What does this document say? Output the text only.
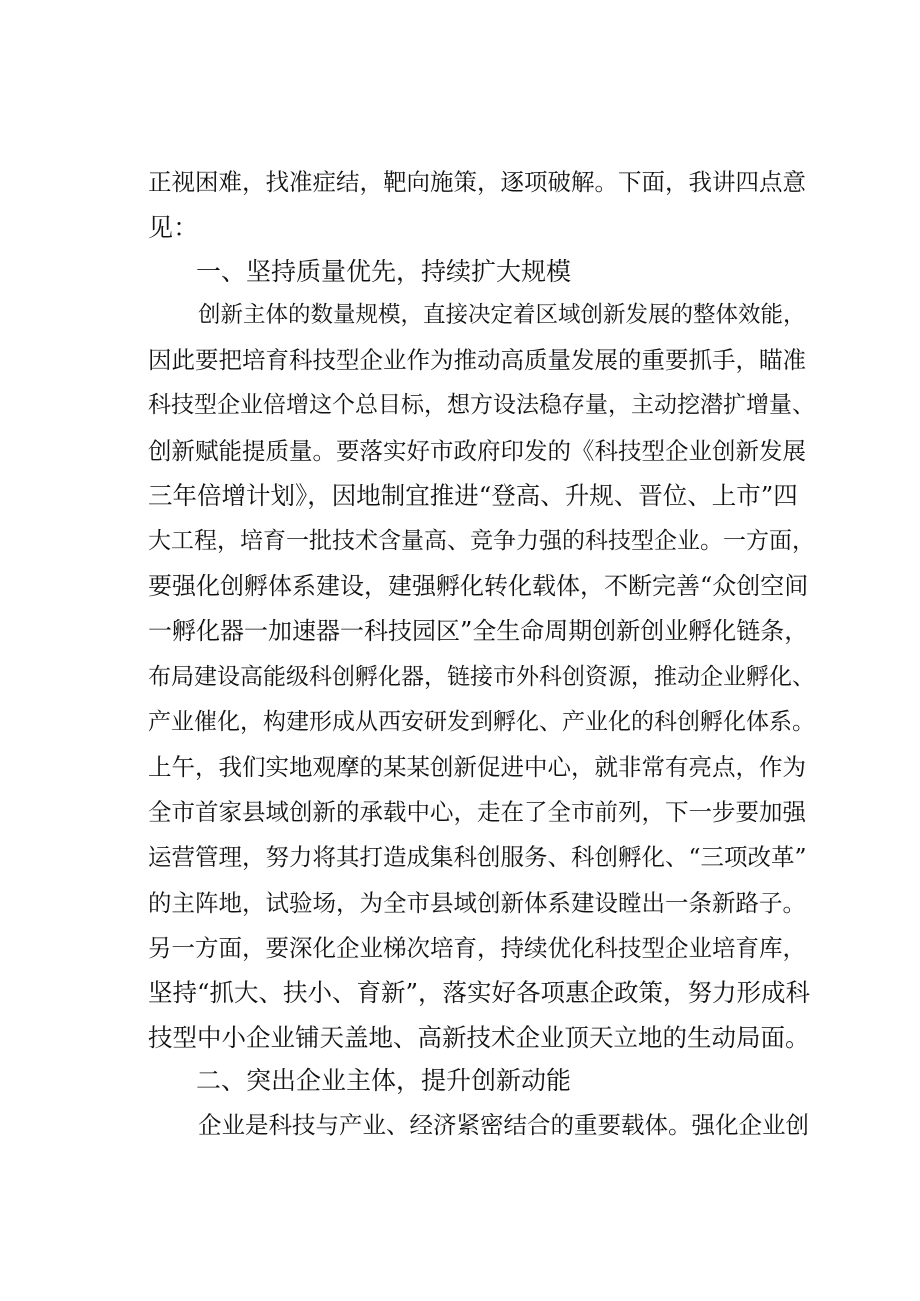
正视困难，找准症结，靶向施策，逐项破解。下面，我讲四点意
见：
一、坚持质量优先，持续扩大规模
创新主体的数量规模，直接决定着区域创新发展的整体效能，
因此要把培育科技型企业作为推动高质量发展的重要抓手，瞄准
科技型企业倍增这个总目标，想方设法稳存量，主动挖潜扩增量、
创新赋能提质量。要落实好市政府印发的《科技型企业创新发展
三年倍增计划》，因地制宜推进“登高、升规、晋位、上市”四
大工程，培育一批技术含量高、竞争力强的科技型企业。一方面，
要强化创孵体系建设，建强孵化转化载体，不断完善“众创空间
一孵化器一加速器一科技园区”全生命周期创新创业孵化链条，
布局建设高能级科创孵化器，链接市外科创资源，推动企业孵化、
产业催化，构建形成从西安研发到孵化、产业化的科创孵化体系。
上午，我们实地观摩的某某创新促进中心，就非常有亮点，作为
全市首家县域创新的承载中心，走在了全市前列，下一步要加强
运营管理，努力将其打造成集科创服务、科创孵化、“三项改革”
的主阵地，试验场，为全市县域创新体系建设瞠出一条新路子。
另一方面，要深化企业梯次培育，持续优化科技型企业培育库，
坚持“抓大、扶小、育新”，落实好各项惠企政策，努力形成科
技型中小企业铺天盖地、高新技术企业顶天立地的生动局面。
二、突出企业主体，提升创新动能
企业是科技与产业、经济紧密结合的重要载体。强化企业创
